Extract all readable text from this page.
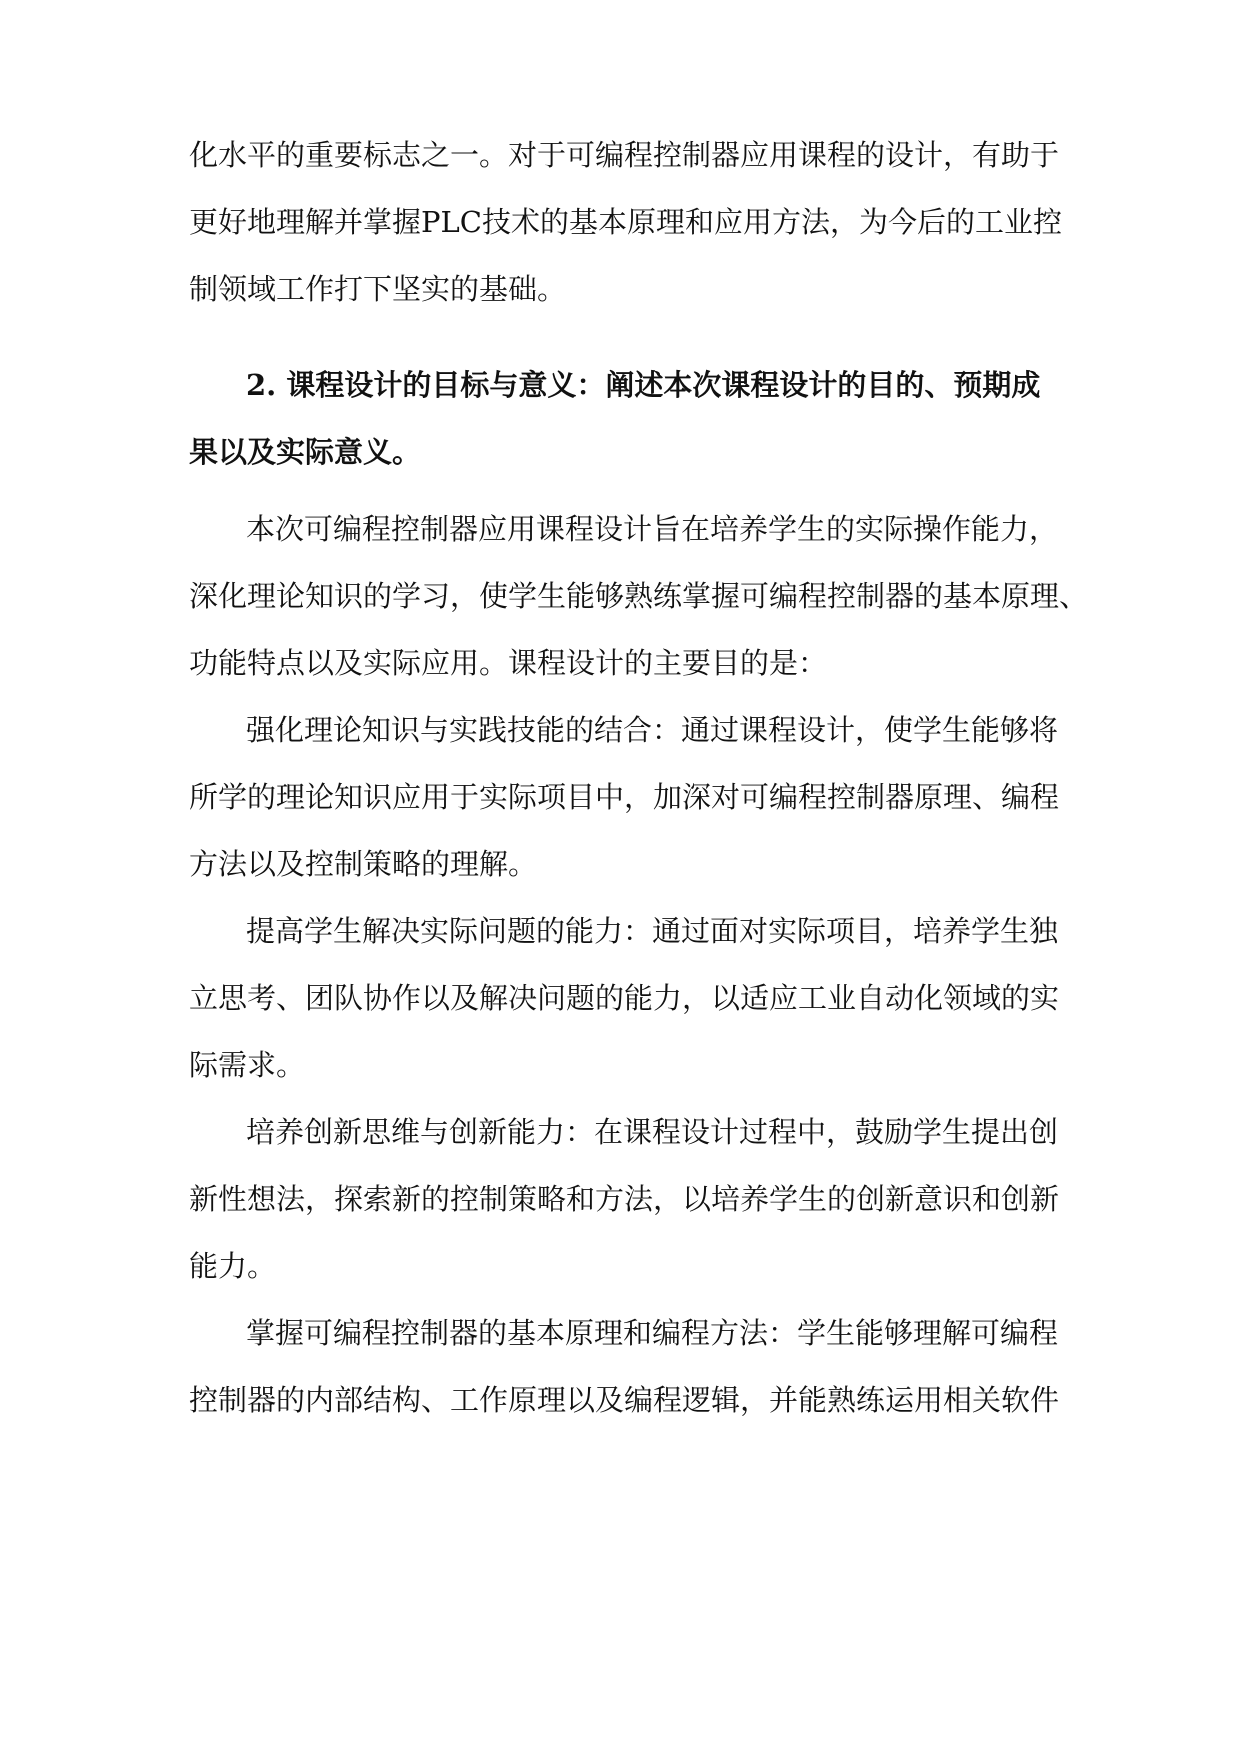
化水平的重要标志之一。对于可编程控制器应用课程的设计，有助于
更好地理解并掌握PLC技术的基本原理和应用方法，为今后的工业控
制领域工作打下坚实的基础。
2. 课程设计的目标与意义：阐述本次课程设计的目的、预期成
果以及实际意义。
本次可编程控制器应用课程设计旨在培养学生的实际操作能力，
深化理论知识的学习，使学生能够熟练掌握可编程控制器的基本原理、
功能特点以及实际应用。课程设计的主要目的是：
强化理论知识与实践技能的结合：通过课程设计，使学生能够将
所学的理论知识应用于实际项目中，加深对可编程控制器原理、编程
方法以及控制策略的理解。
提高学生解决实际问题的能力：通过面对实际项目，培养学生独
立思考、团队协作以及解决问题的能力，以适应工业自动化领域的实
际需求。
培养创新思维与创新能力：在课程设计过程中，鼓励学生提出创
新性想法，探索新的控制策略和方法，以培养学生的创新意识和创新
能力。
掌握可编程控制器的基本原理和编程方法：学生能够理解可编程
控制器的内部结构、工作原理以及编程逻辑，并能熟练运用相关软件
